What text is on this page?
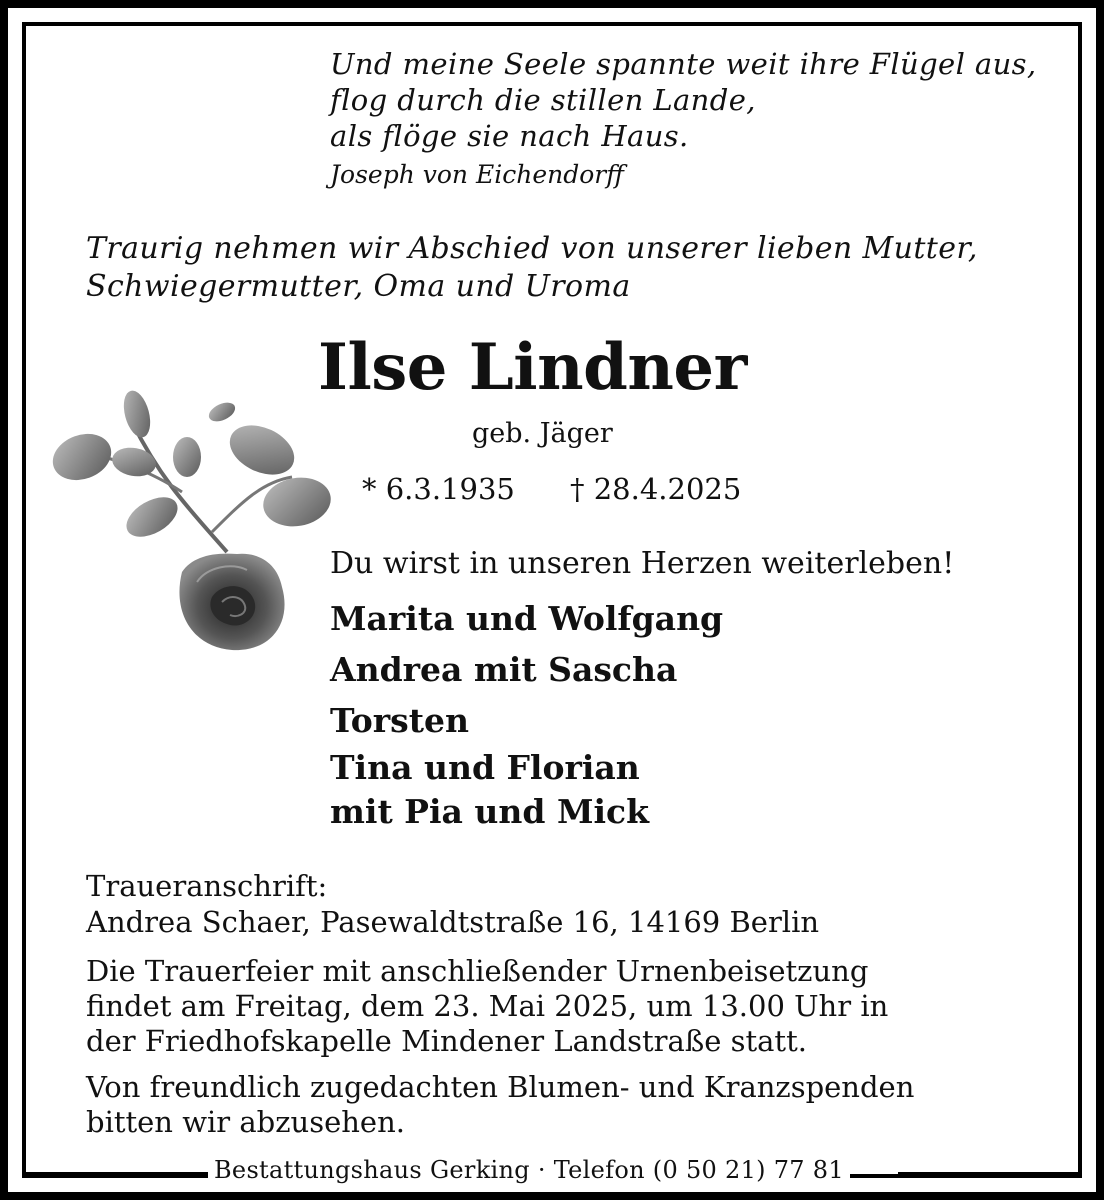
Und meine Seele spannte weit ihre Flügel aus,
flog durch die stillen Lande,
als flöge sie nach Haus.
Joseph von Eichendorff
Traurig nehmen wir Abschied von unserer lieben Mutter,
Schwiegermutter, Oma und Uroma
Ilse Lindner
geb. Jäger
* 6.3.1935 † 28.4.2025
Du wirst in unseren Herzen weiterleben!
Marita und Wolfgang
Andrea mit Sascha
Torsten
Tina und Florian
mit Pia und Mick
Traueranschrift:
Andrea Schaer, Pasewaldtstraße 16, 14169 Berlin
Die Trauerfeier mit anschließender Urnenbeisetzung
findet am Freitag, dem 23. Mai 2025, um 13.00 Uhr in
der Friedhofskapelle Mindener Landstraße statt.
Von freundlich zugedachten Blumen- und Kranzspenden
bitten wir abzusehen.
Bestattungshaus Gerking · Telefon (0 50 21) 77 81
